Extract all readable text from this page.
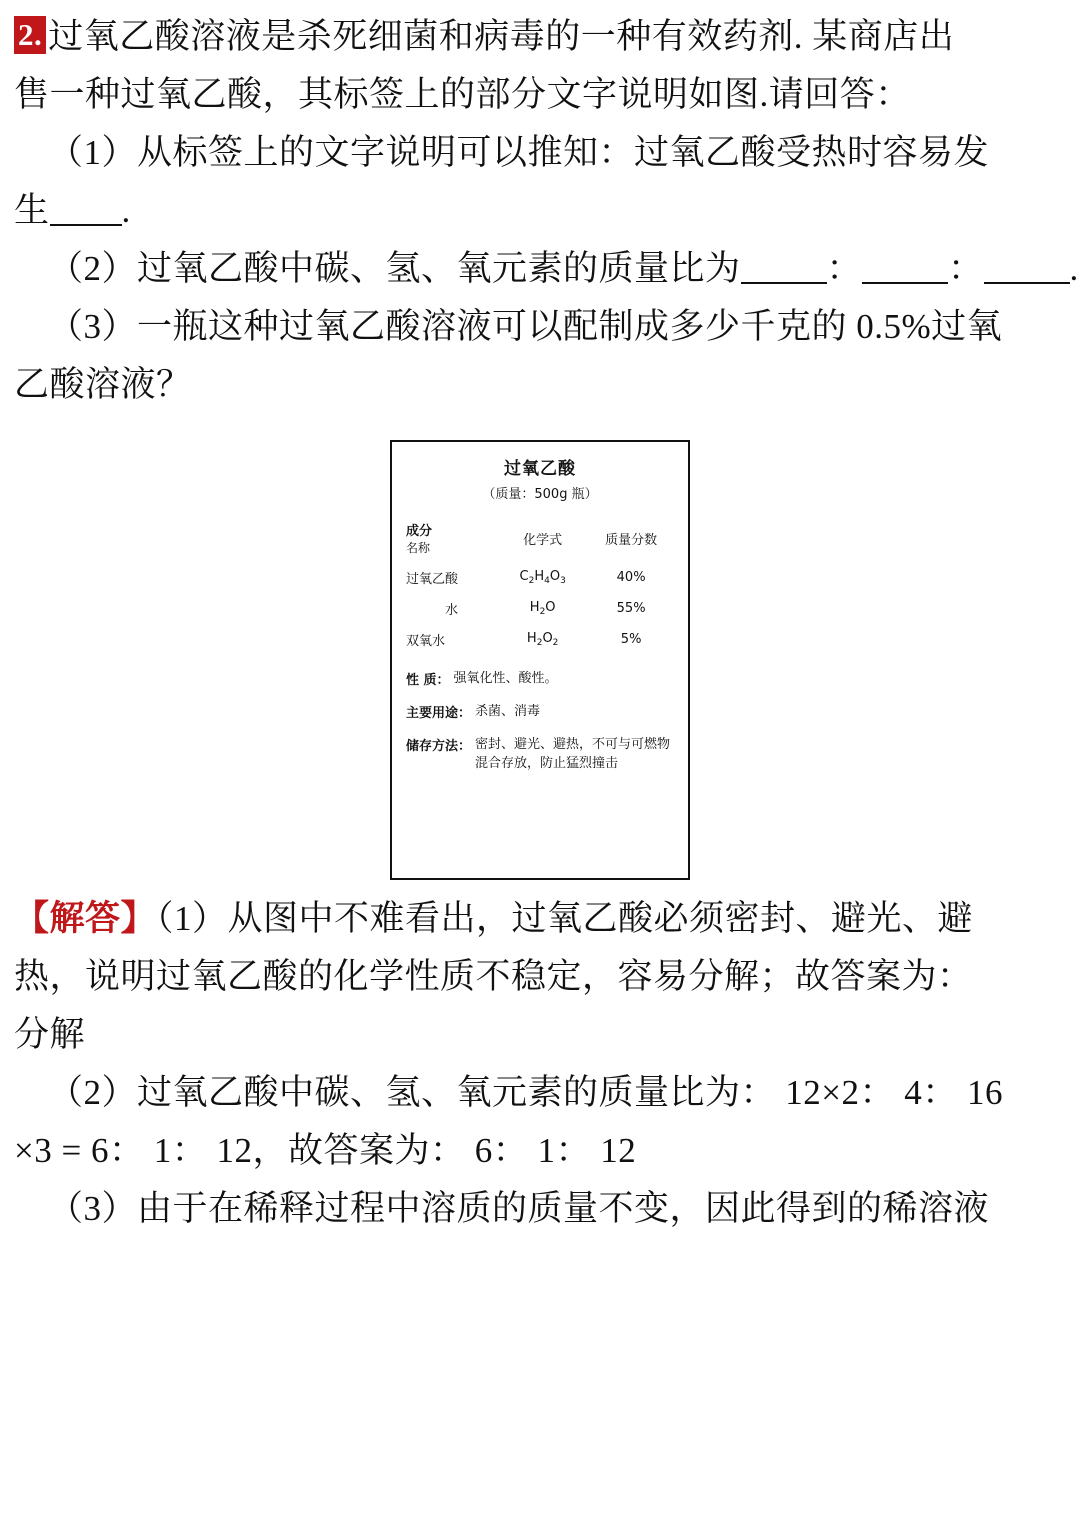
2. 过氧乙酸溶液是杀死细菌和病毒的一种有效药剂. 某商店出
售一种过氧乙酸，其标签上的部分文字说明如图.请回答：
（1）从标签上的文字说明可以推知：过氧乙酸受热时容易发
生 .
（2）过氧乙酸中碳、氢、氧元素的质量比为 ： ： .
（3）一瓶这种过氧乙酸溶液可以配制成多少千克的 0.5%过氧
乙酸溶液？
过氧乙酸
（质量：500g 瓶）
成分
名称	化学式	质量分数
过氧乙酸	$C_2H_4O_3$	40%
水	$H_2O$	55%
双氧水	$H_2O_2$	5%
性 质： 强氧化性、酸性。
主要用途： 杀菌、消毒
储存方法： 密封、避光、避热，不可与可燃物混合存放，防止猛烈撞击
【解答】（1）从图中不难看出，过氧乙酸必须密封、避光、避
热，说明过氧乙酸的化学性质不稳定，容易分解；故答案为：
分解
（2）过氧乙酸中碳、氢、氧元素的质量比为： 12×2： 4： 16
×3 = 6： 1： 12，故答案为： 6： 1： 12
（3）由于在稀释过程中溶质的质量不变，因此得到的稀溶液
